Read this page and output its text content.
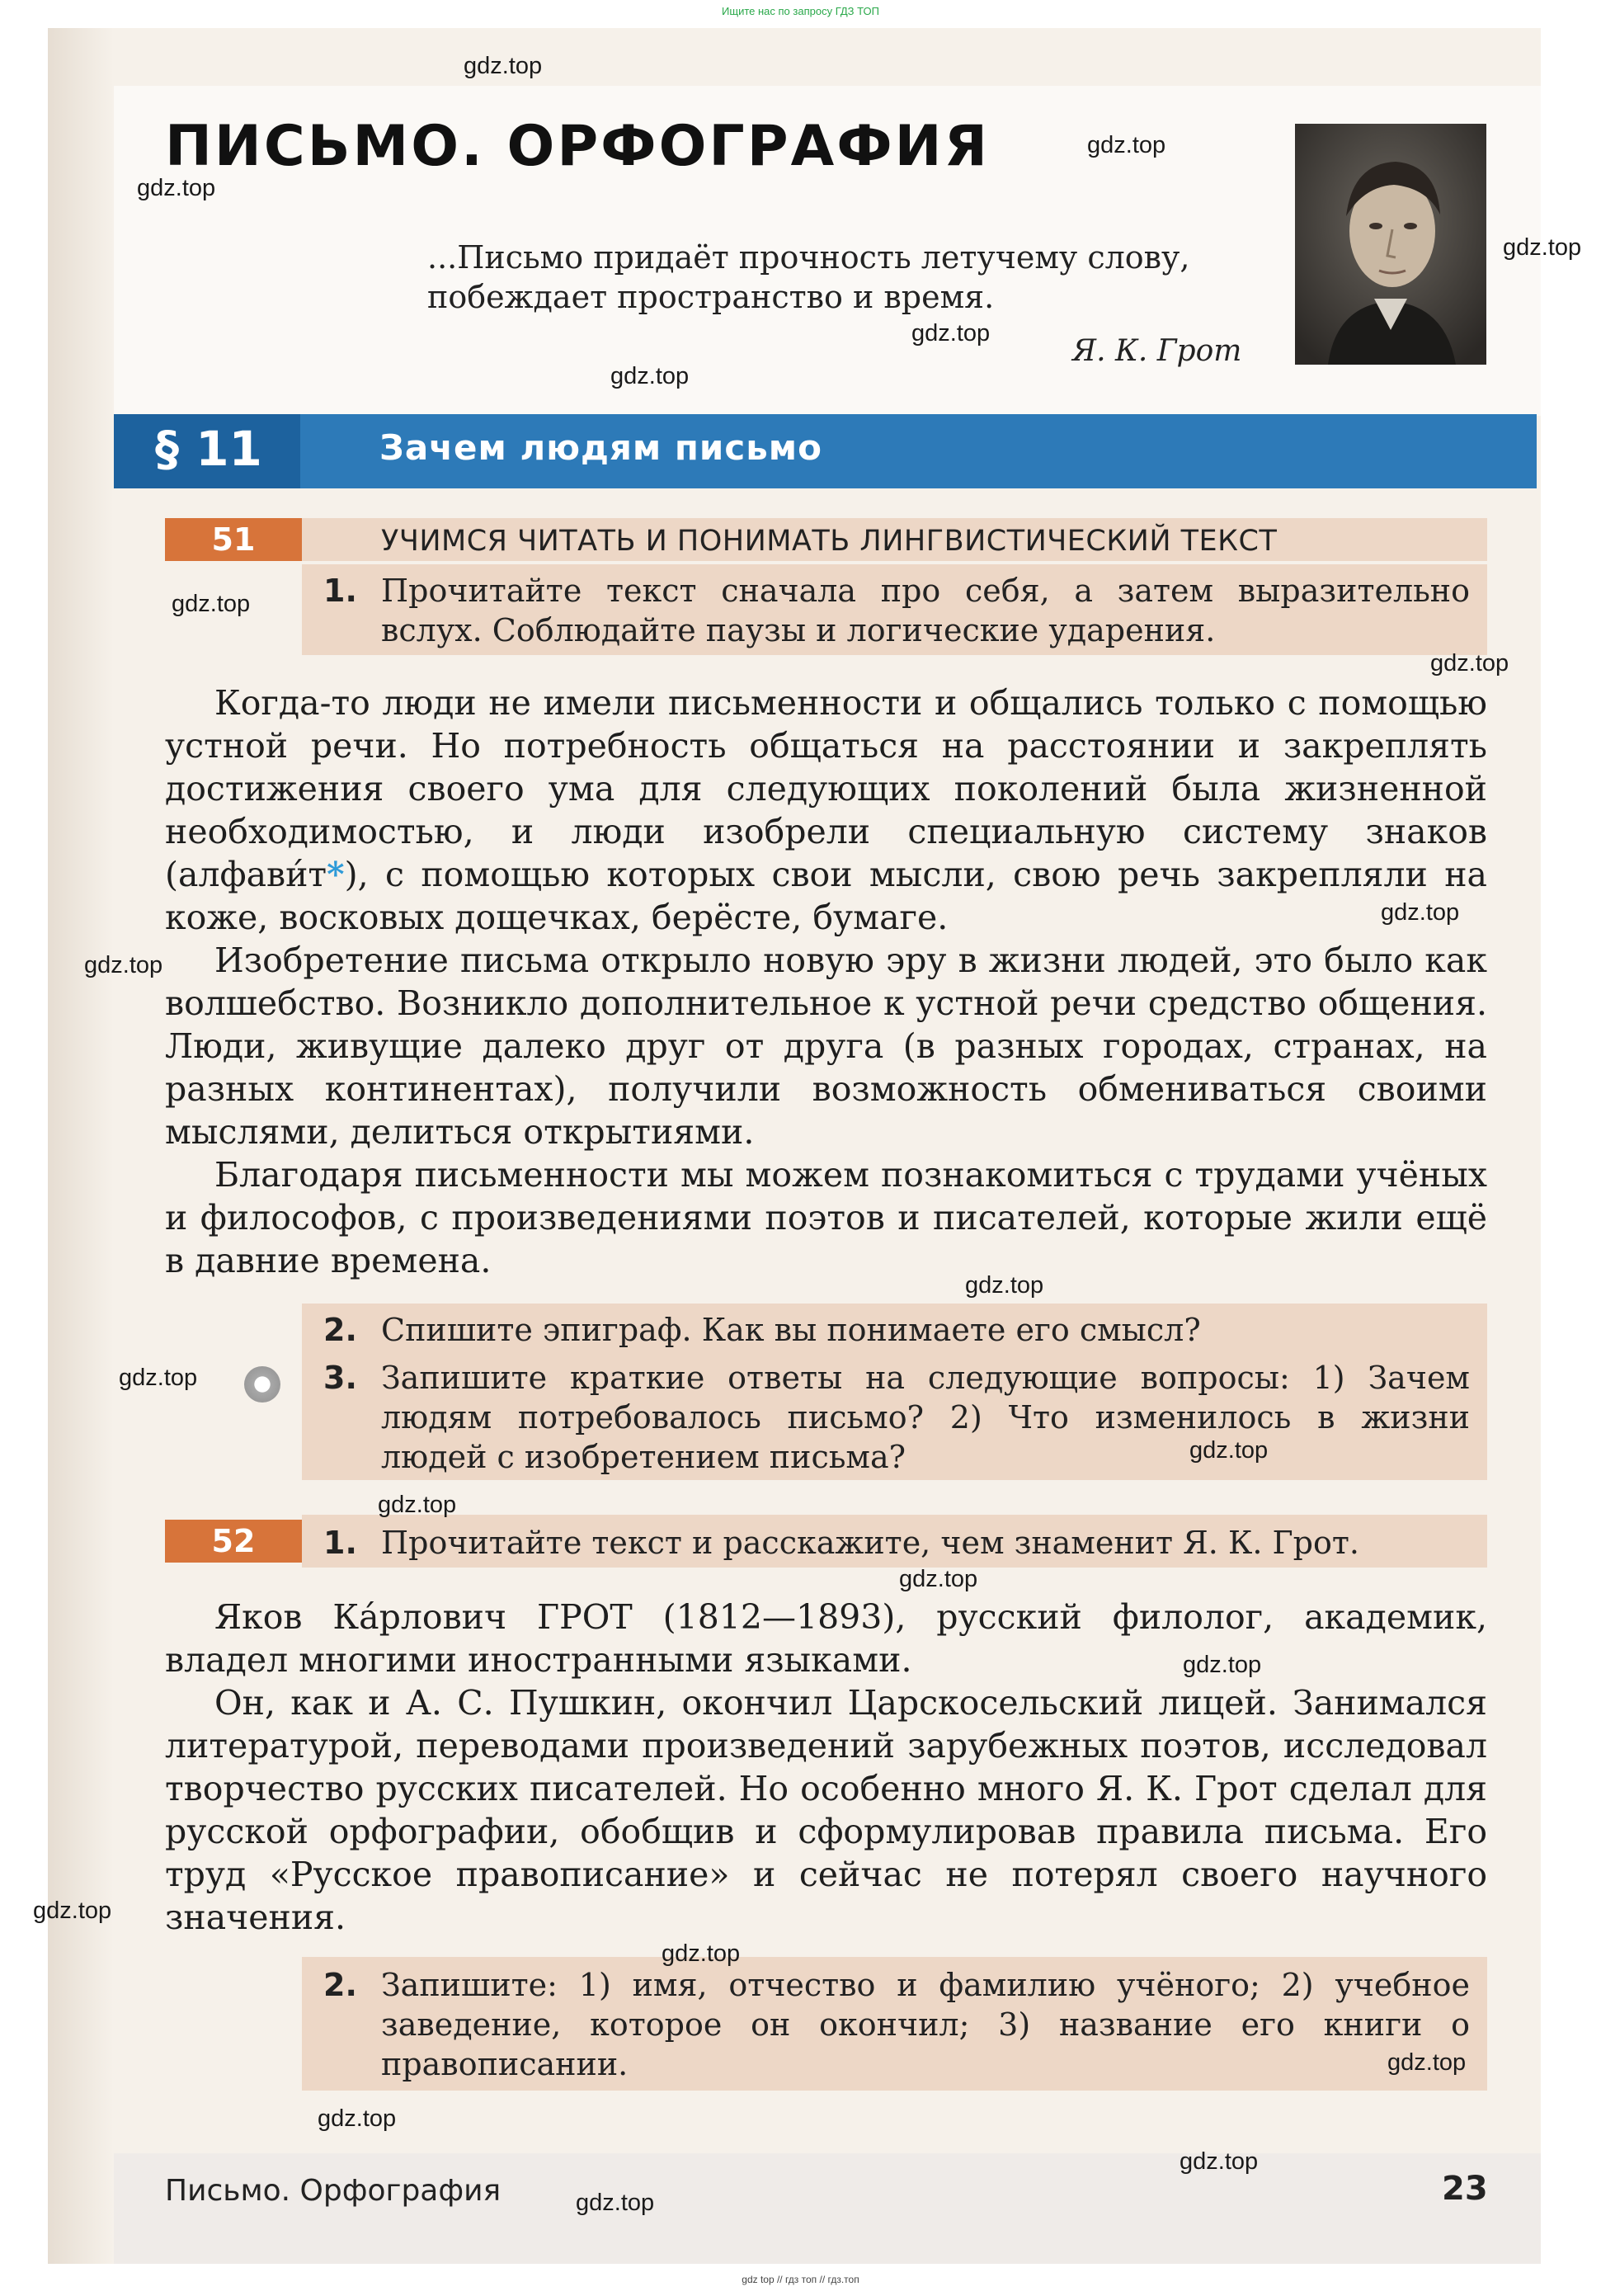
Ищите нас по запросу ГДЗ ТОП
ПИСЬМО. ОРФОГРАФИЯ
...Письмо придаёт прочность летучему слову,
побеждает пространство и время.
Я. К. Грот
§ 11	Зачем людям письмо
51	УЧИМСЯ ЧИТАТЬ И ПОНИМАТЬ ЛИНГВИСТИЧЕСКИЙ ТЕКСТ
1. Прочитайте текст сначала про себя, а затем выразительно вслух. Соблюдайте паузы и логические ударения.

Когда-то люди не имели письменности и общались только с помощью устной речи. Но потребность общаться на расстоянии и закреплять достижения своего ума для следующих поколений была жизненной необходимостью, и люди изобрели специальную систему знаков (алфави́т*), с помощью которых свои мысли, свою речь закрепляли на коже, восковых дощечках, берёсте, бумаге.

Изобретение письма открыло новую эру в жизни людей, это было как волшебство. Возникло дополнительное к устной речи средство общения. Люди, живущие далеко друг от друга (в разных городах, странах, на разных континентах), получили возможность обмениваться своими мыслями, делиться открытиями.

Благодаря письменности мы можем познакомиться с трудами учёных и философов, с произведениями поэтов и писателей, которые жили ещё в давние времена.

2. Спишите эпиграф. Как вы понимаете его смысл?
3. Запишите краткие ответы на следующие вопросы: 1) Зачем людям потребовалось письмо? 2) Что изменилось в жизни людей с изобретением письма?
52	1. Прочитайте текст и расскажите, чем знаменит Я. К. Грот.

Яков Ка́рлович ГРОТ (1812—1893), русский филолог, академик, владел многими иностранными языками.

Он, как и А. С. Пушкин, окончил Царскосельский лицей. Занимался литературой, переводами произведений зарубежных поэтов, исследовал творчество русских писателей. Но особенно много Я. К. Грот сделал для русской орфографии, обобщив и сформулировав правила письма. Его труд «Русское правописание» и сейчас не потерял своего научного значения.

2. Запишите: 1) имя, отчество и фамилию учёного; 2) учебное заведение, которое он окончил; 3) название его книги о правописании.
Письмо. Орфография	23
gdz.top
gdz.top
gdz.top
gdz.top
gdz.top
gdz.top
gdz.top
gdz.top
gdz.top
gdz.top
gdz.top
gdz.top
gdz.top
gdz.top
gdz.top
gdz.top
gdz.top
gdz.top
gdz.top
gdz.top
gdz.top
gdz.top
gdz top // гдз топ // гдз.топ
